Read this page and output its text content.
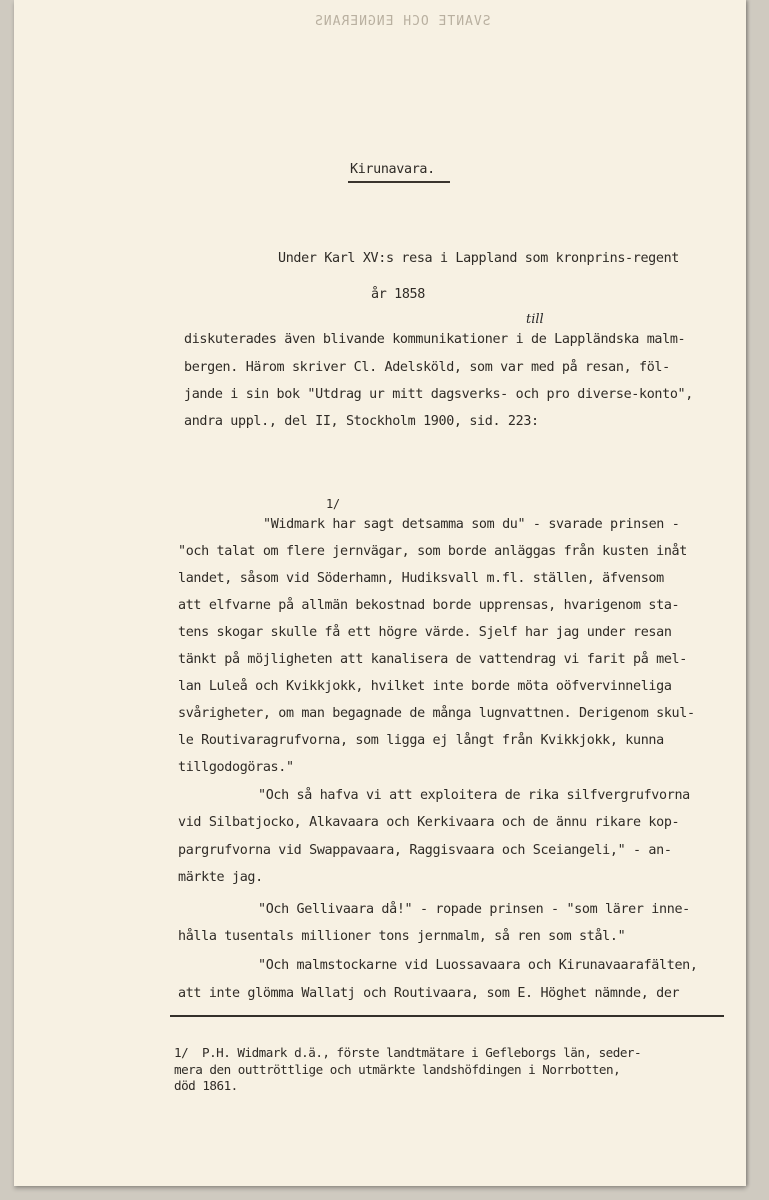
SVANTE OCH ENGNERANS
Kirunavara.
Under Karl XV:s resa i Lappland som kronprins-regent
år 1858
till
diskuterades även blivande kommunikationer i de Lappländska malm-
bergen. Härom skriver Cl. Adelsköld, som var med på resan, föl-
jande i sin bok "Utdrag ur mitt dagsverks- och pro diverse-konto",
andra uppl., del II, Stockholm 1900, sid. 223:
1/
"Widmark har sagt detsamma som du" - svarade prinsen -
"och talat om flere jernvägar, som borde anläggas från kusten inåt
landet, såsom vid Söderhamn, Hudiksvall m.fl. ställen, äfvensom
att elfvarne på allmän bekostnad borde upprensas, hvarigenom sta-
tens skogar skulle få ett högre värde. Sjelf har jag under resan
tänkt på möjligheten att kanalisera de vattendrag vi farit på mel-
lan Luleå och Kvikkjokk, hvilket inte borde möta oöfvervinneliga
svårigheter, om man begagnade de många lugnvattnen. Derigenom skul-
le Routivaragrufvorna, som ligga ej långt från Kvikkjokk, kunna
tillgodogöras."
"Och så hafva vi att exploitera de rika silfvergrufvorna
vid Silbatjocko, Alkavaara och Kerkivaara och de ännu rikare kop-
pargrufvorna vid Swappavaara, Raggisvaara och Sceiangeli," - an-
märkte jag.
"Och Gellivaara då!" - ropade prinsen - "som lärer inne-
hålla tusentals millioner tons jernmalm, så ren som stål."
"Och malmstockarne vid Luossavaara och Kirunavaarafälten,
att inte glömma Wallatj och Routivaara, som E. Höghet nämnde, der
1/ P.H. Widmark d.ä., förste landtmätare i Gefleborgs län, seder-
mera den outtröttlige och utmärkte landshöfdingen i Norrbotten,
död 1861.
